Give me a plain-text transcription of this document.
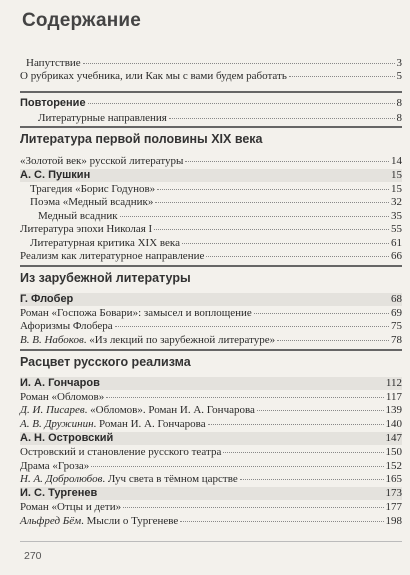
Содержание
Литература первой половины XIX века
Из зарубежной литературы
Расцвет русского реализма
Напутствие	3
О рубриках учебника, или Как мы с вами будем работать	5
Повторение	8
Литературные направления	8
«Золотой век» русской литературы	14
А. С. Пушкин	15
Трагедия «Борис Годунов»	15
Поэма «Медный всадник»	32
Медный всадник	35
Литература эпохи Николая I	55
Литературная критика XIX века	61
Реализм как литературное направление	66
Г. Флобер	68
Роман «Госпожа Бовари»: замысел и воплощение	69
Афоризмы Флобера	75
В. В. Набоков. «Из лекций по зарубежной литературе»	78
И. А. Гончаров	112
Роман «Обломов»	117
Д. И. Писарев. «Обломов». Роман И. А. Гончарова	139
А. В. Дружинин. Роман И. А. Гончарова	140
А. Н. Островский	147
Островский и становление русского театра	150
Драма «Гроза»	152
Н. А. Добролюбов. Луч света в тёмном царстве	165
И. С. Тургенев	173
Роман «Отцы и дети»	177
Альфред Бём. Мысли о Тургеневе	198
270
